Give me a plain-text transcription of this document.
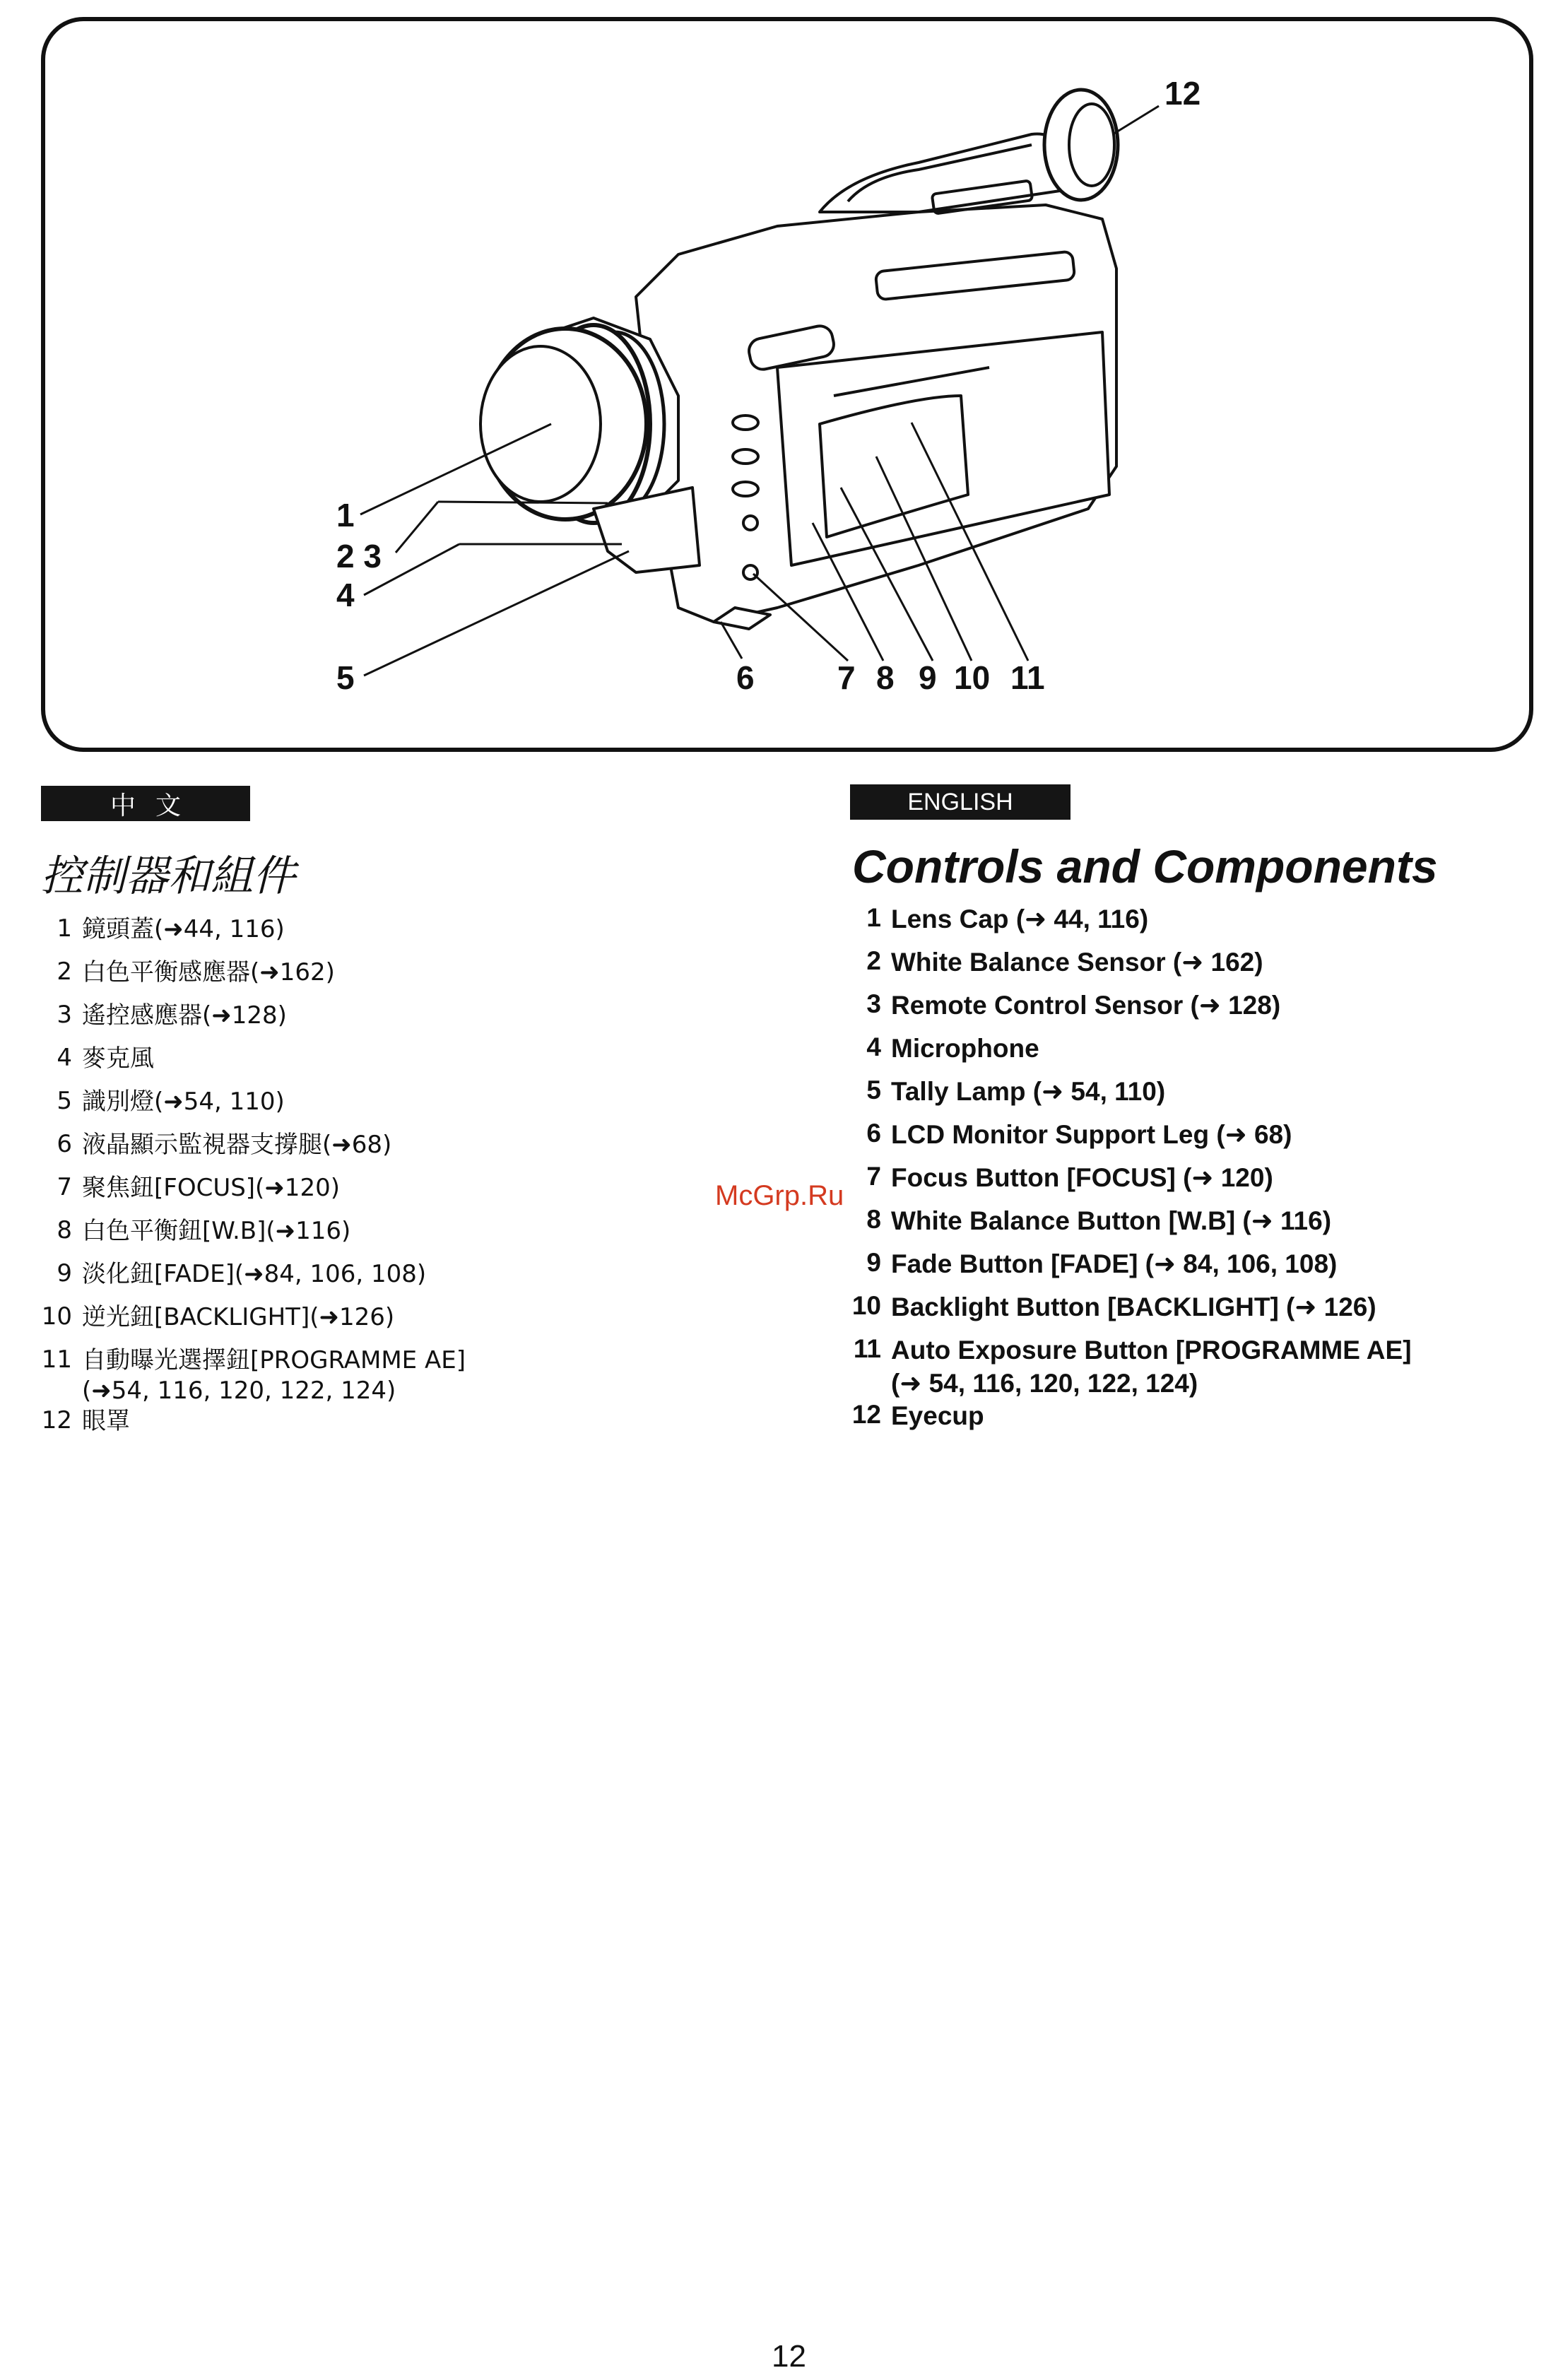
1
2 3
4
5	6	7 8 9 10 11
12
中文
控制器和組件
1 鏡頭蓋(➜44, 116)
2 白色平衡感應器(➜162)
3 遙控感應器(➜128)
4 麥克風
5 識別燈(➜54, 110)
6 液晶顯示監視器支撐腿(➜68)
7 聚焦鈕[FOCUS](➜120)
8 白色平衡鈕[W.B](➜116)
9 淡化鈕[FADE](➜84, 106, 108)
10 逆光鈕[BACKLIGHT](➜126)
11 自動曝光選擇鈕[PROGRAMME AE]
(➜54, 116, 120, 122, 124)
12 眼罩
ENGLISH
Controls and Components
1 Lens Cap (➜ 44, 116)
2 White Balance Sensor (➜ 162)
3 Remote Control Sensor (➜ 128)
4 Microphone
5 Tally Lamp (➜ 54, 110)
6 LCD Monitor Support Leg (➜ 68)
7 Focus Button [FOCUS] (➜ 120)
8 White Balance Button [W.B] (➜ 116)
9 Fade Button [FADE] (➜ 84, 106, 108)
10 Backlight Button [BACKLIGHT] (➜ 126)
11 Auto Exposure Button [PROGRAMME AE]
(➜ 54, 116, 120, 122, 124)
12 Eyecup
McGrp.Ru
12
